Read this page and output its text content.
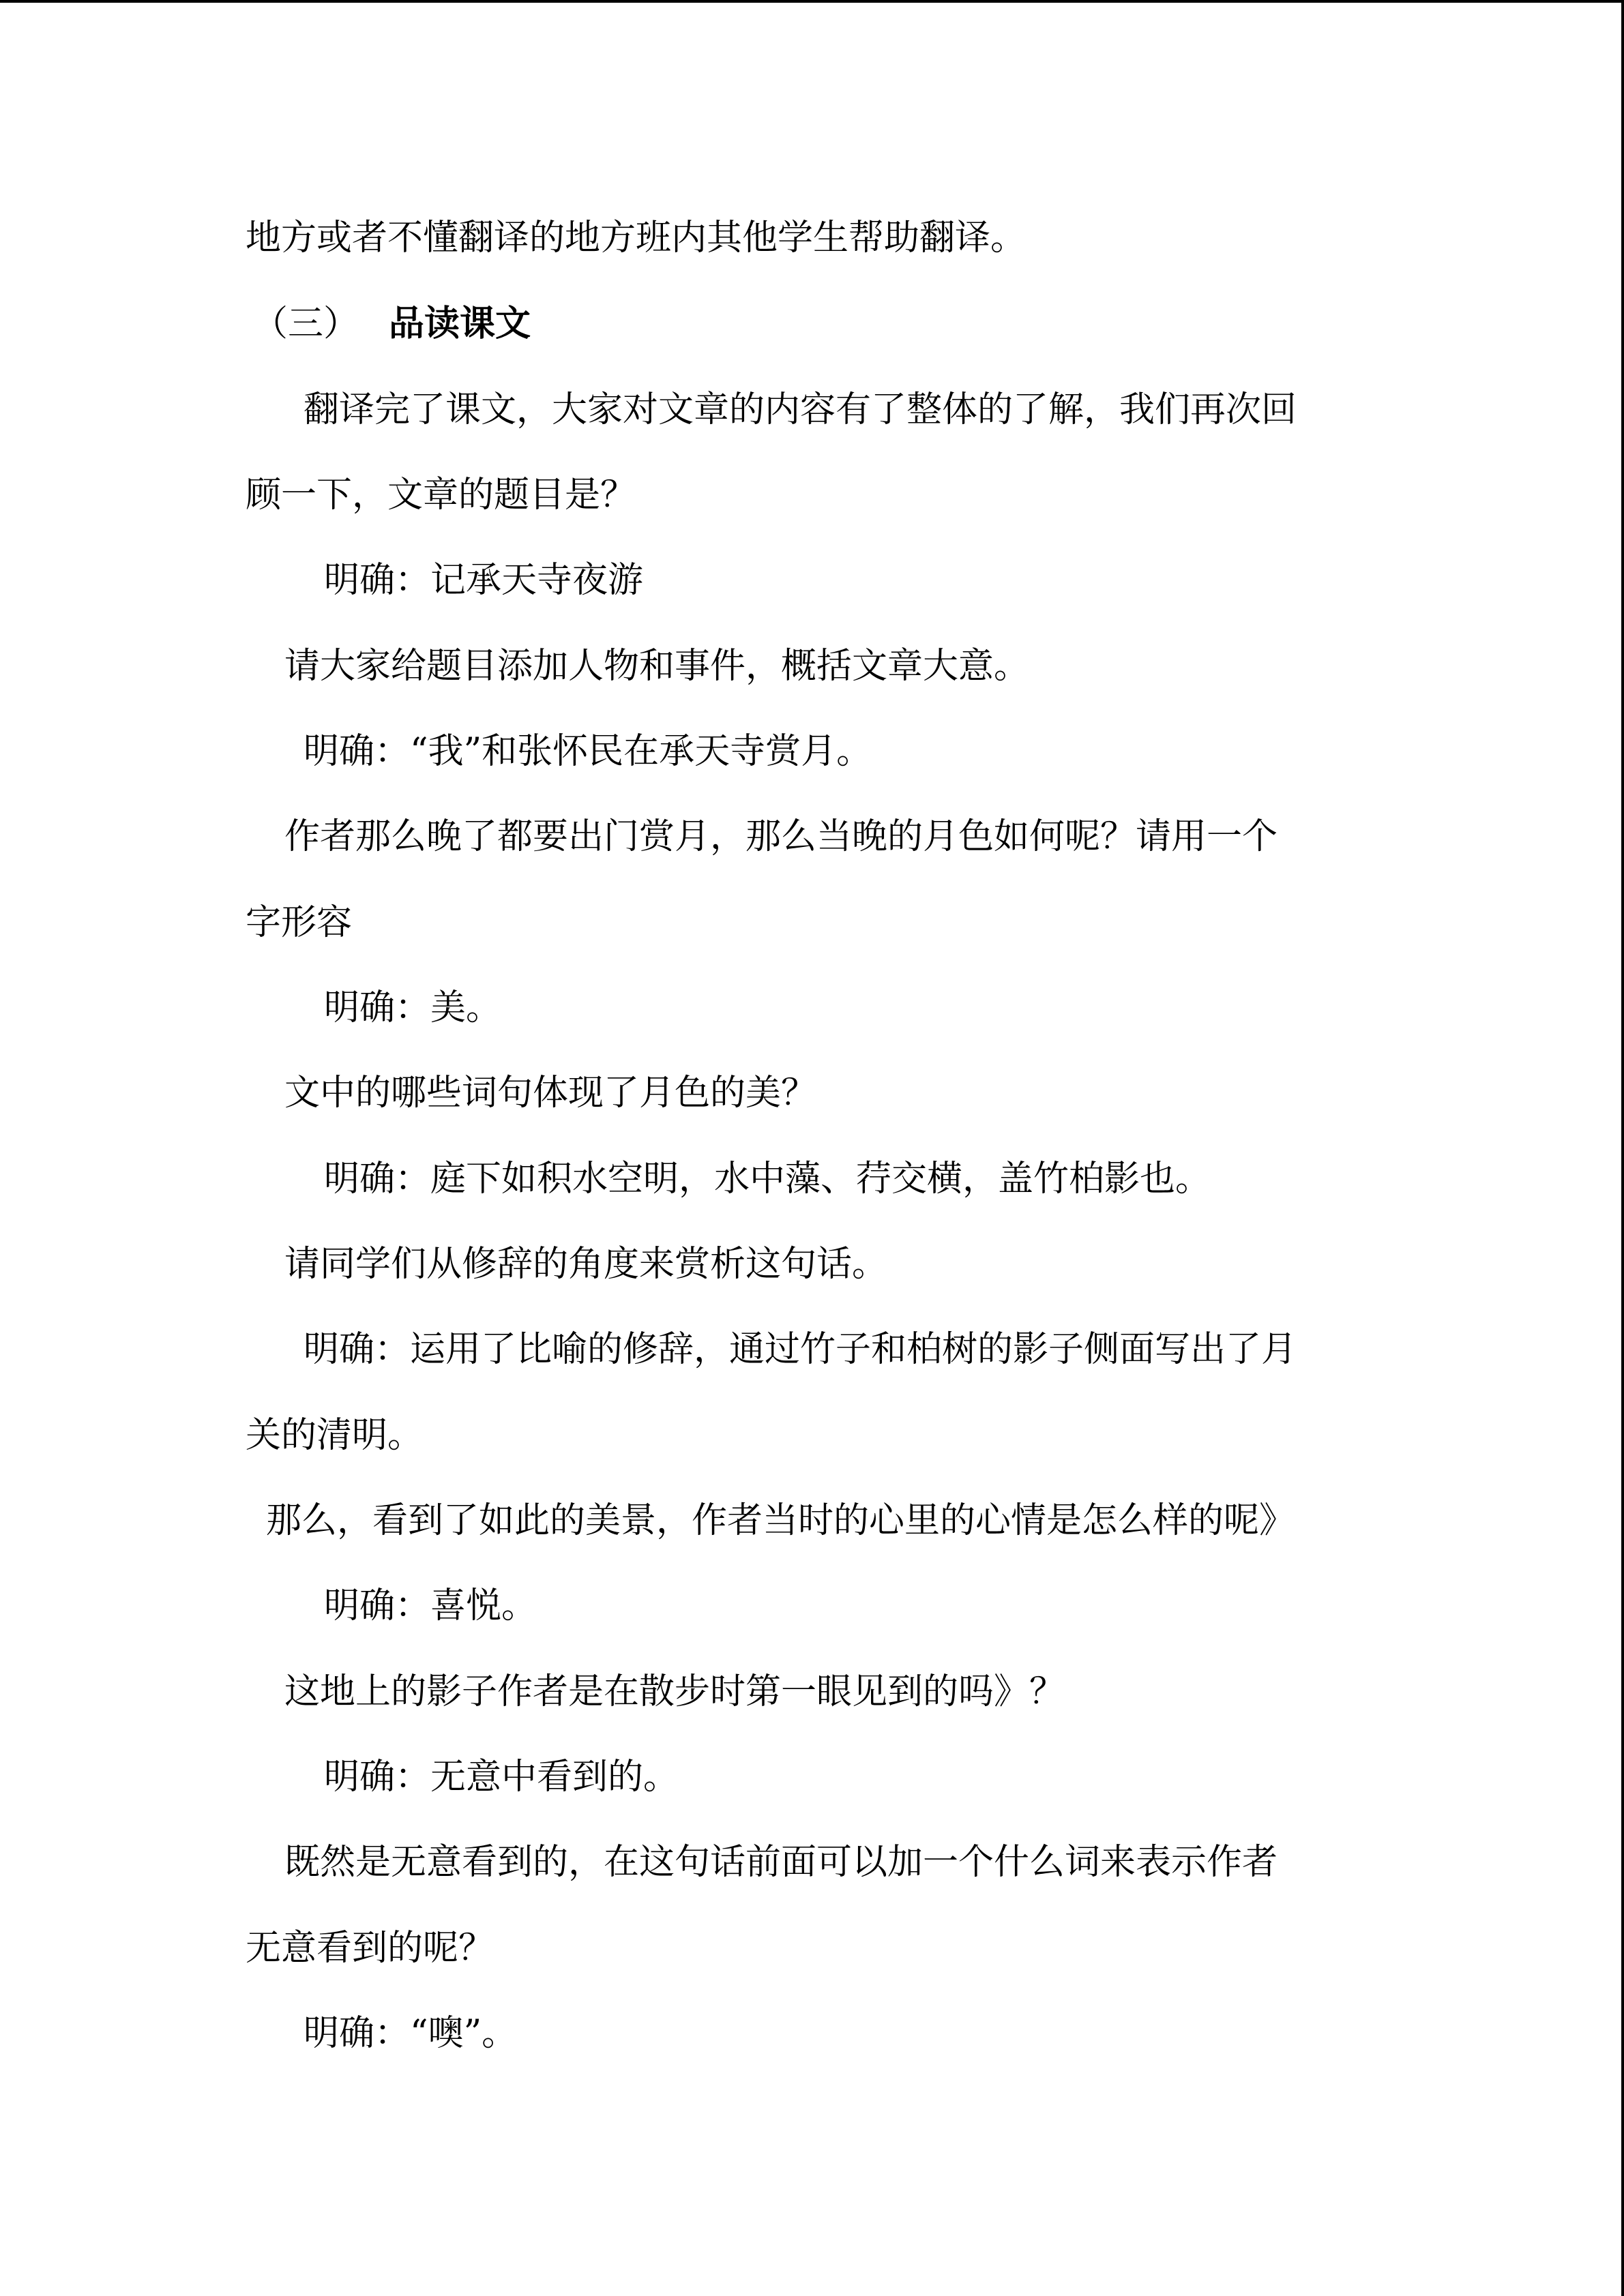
地方或者不懂翻译的地方班内其他学生帮助翻译。
（三） 品读课文
翻译完了课文，大家对文章的内容有了整体的了解，我们再次回
顾一下，文章的题目是？
明确：记承天寺夜游
请大家给题目添加人物和事件，概括文章大意。
明确：“我”和张怀民在承天寺赏月。
作者那么晚了都要出门赏月，那么当晚的月色如何呢？请用一个
字形容
明确：美。
文中的哪些词句体现了月色的美？
明确：庭下如积水空明，水中藻、荇交横，盖竹柏影也。
请同学们从修辞的角度来赏析这句话。
明确：运用了比喻的修辞，通过竹子和柏树的影子侧面写出了月
关的清明。
那么，看到了如此的美景，作者当时的心里的心情是怎么样的呢》
明确：喜悦。
这地上的影子作者是在散步时第一眼见到的吗》？
明确：无意中看到的。
既然是无意看到的，在这句话前面可以加一个什么词来表示作者
无意看到的呢？
明确：“噢”。
